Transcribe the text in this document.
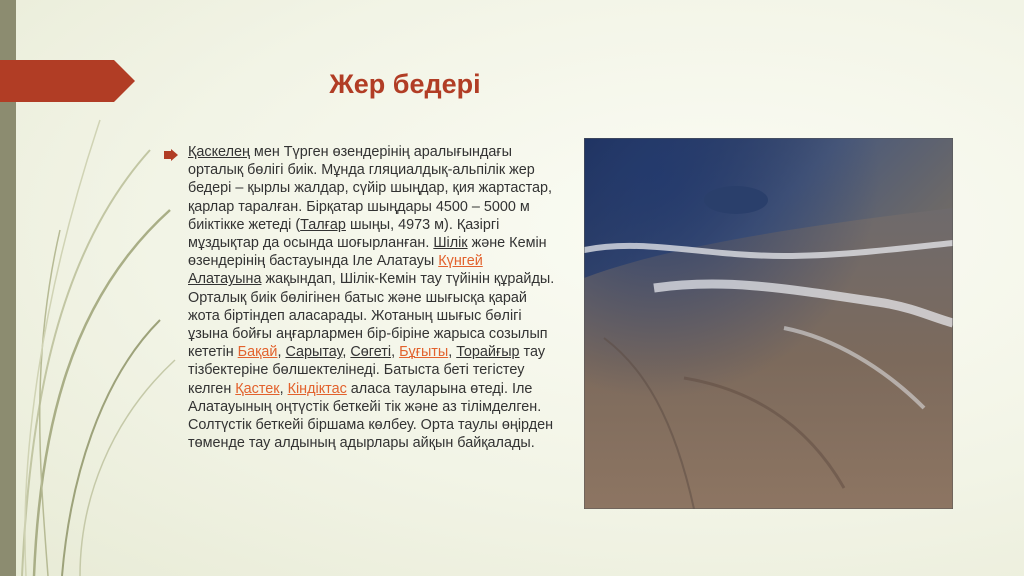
Жер бедері

Қаскелең мен Түрген өзендерінің аралығындағы орталық бөлігі биік. Мұнда гляциалдық-альпілік жер бедері – қырлы жалдар, сүйір шыңдар, қия жартастар, қарлар таралған. Бірқатар шыңдары 4500 – 5000 м биіктікке жетеді (Талғар шыңы, 4973 м). Қазіргі мұздықтар да осында шоғырланған. Шілік және Кемін өзендерінің бастауында Іле Алатауы Күнгей Алатауына жақындап, Шілік-Кемін тау түйінін құрайды. Орталық биік бөлігінен батыс және шығысқа қарай жота біртіндеп аласарады. Жотаның шығыс бөлігі ұзына бойғы аңғарлармен бір-біріне жарыса созылып кететін Бақай, Сарытау, Сөгеті, Бұғыты, Торайғыр тау тізбектеріне бөлшектелінеді. Батыста беті тегістеу келген Қастек, Кіндіктас аласа тауларына өтеді. Іле Алатауының оңтүстік беткейі тік және аз тілімделген. Солтүстік беткейі біршама көлбеу. Орта таулы өңірден төменде тау алдының адырлары айқын байқалады.
